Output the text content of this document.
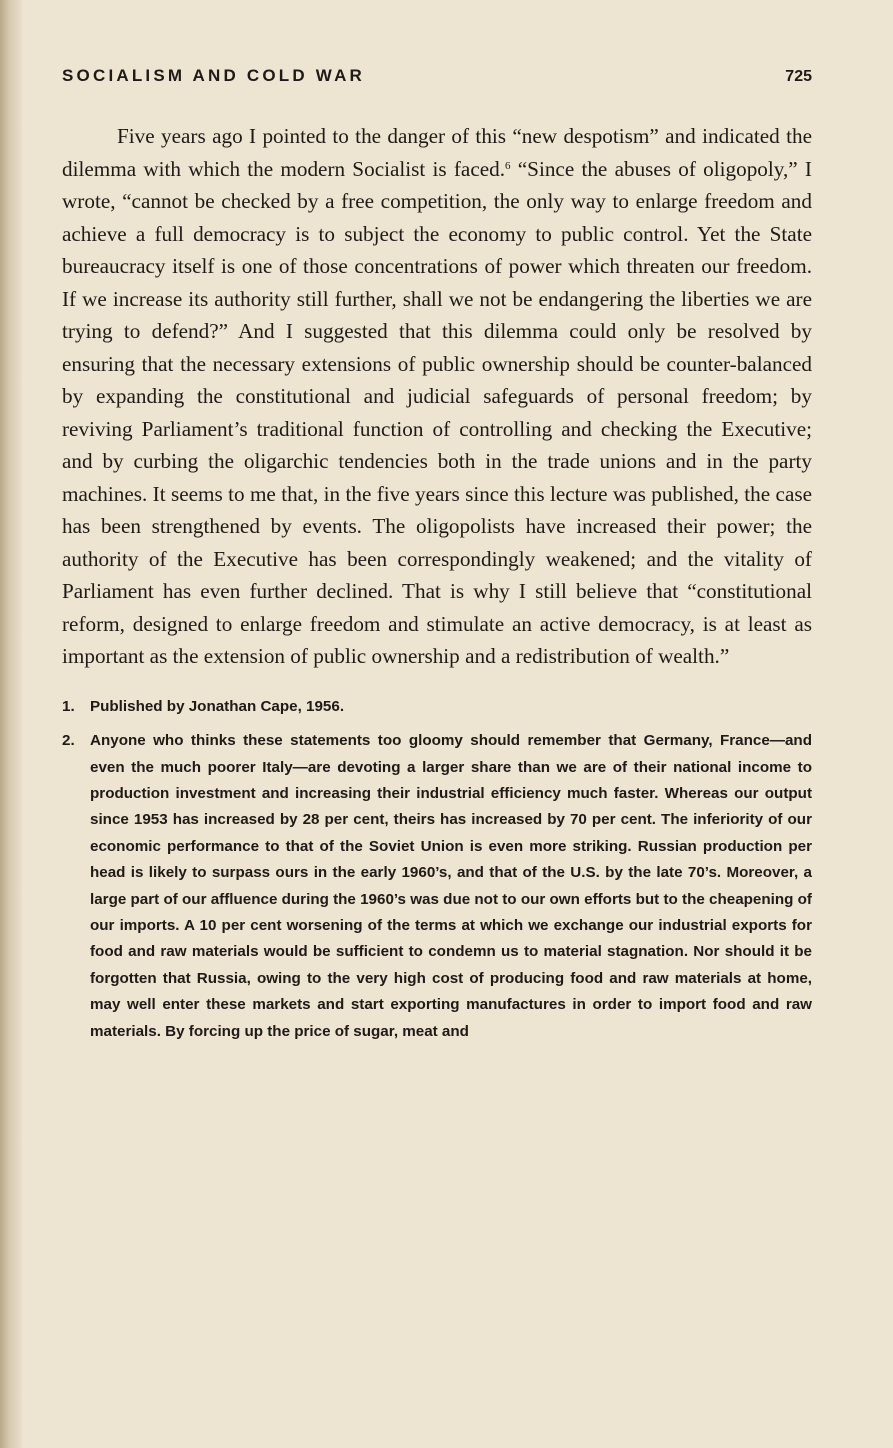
SOCIALISM AND COLD WAR	725

Five years ago I pointed to the danger of this “new despotism” and indicated the dilemma with which the modern Socialist is faced.$^6$ “Since the abuses of oligopoly,” I wrote, “cannot be checked by a free competition, the only way to enlarge freedom and achieve a full democracy is to subject the economy to public control. Yet the State bureaucracy itself is one of those concentrations of power which threaten our freedom. If we increase its authority still further, shall we not be endangering the liberties we are trying to defend?” And I suggested that this dilemma could only be resolved by ensuring that the necessary extensions of public ownership should be counter-balanced by expanding the constitutional and judicial safeguards of personal freedom; by reviving Parliament’s traditional function of controlling and checking the Executive; and by curbing the oligarchic tendencies both in the trade unions and in the party machines. It seems to me that, in the five years since this lecture was published, the case has been strengthened by events. The oligopolists have increased their power; the authority of the Executive has been correspondingly weakened; and the vitality of Parliament has even further declined. That is why I still believe that “constitutional reform, designed to enlarge freedom and stimulate an active democracy, is at least as important as the extension of public ownership and a redistribution of wealth.”

1.	Published by Jonathan Cape, 1956.
2.	Anyone who thinks these statements too gloomy should remember that Germany, France—and even the much poorer Italy—are devoting a larger share than we are of their national income to production investment and increasing their industrial efficiency much faster. Whereas our output since 1953 has increased by 28 per cent, theirs has increased by 70 per cent. The inferiority of our economic performance to that of the Soviet Union is even more striking. Russian production per head is likely to surpass ours in the early 1960’s, and that of the U.S. by the late 70’s. Moreover, a large part of our affluence during the 1960’s was due not to our own efforts but to the cheapening of our imports. A 10 per cent worsening of the terms at which we exchange our industrial exports for food and raw materials would be sufficient to condemn us to material stagnation. Nor should it be forgotten that Russia, owing to the very high cost of producing food and raw materials at home, may well enter these markets and start exporting manufactures in order to import food and raw materials. By forcing up the price of sugar, meat and
